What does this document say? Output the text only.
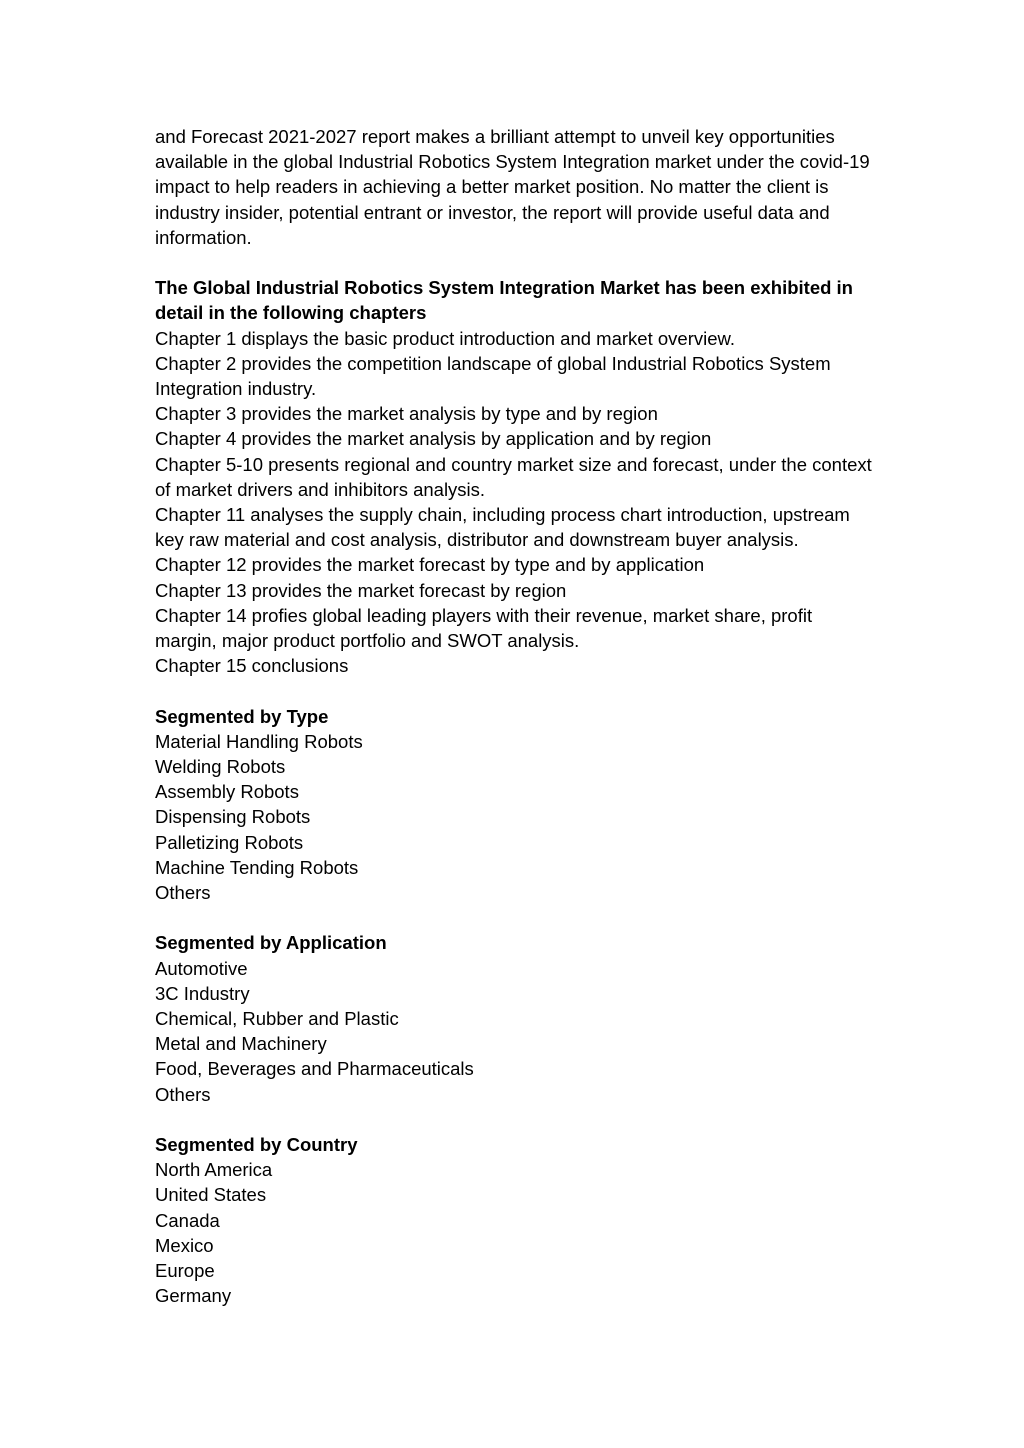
and Forecast 2021-2027 report makes a brilliant attempt to unveil key opportunities available in the global Industrial Robotics System Integration market under the covid-19 impact to help readers in achieving a better market position. No matter the client is industry insider, potential entrant or investor, the report will provide useful data and information.

The Global Industrial Robotics System Integration Market has been exhibited in detail in the following chapters

Chapter 1 displays the basic product introduction and market overview.
Chapter 2 provides the competition landscape of global Industrial Robotics System Integration industry.
Chapter 3 provides the market analysis by type and by region
Chapter 4 provides the market analysis by application and by region
Chapter 5-10 presents regional and country market size and forecast, under the context of market drivers and inhibitors analysis.
Chapter 11 analyses the supply chain, including process chart introduction, upstream key raw material and cost analysis, distributor and downstream buyer analysis.
Chapter 12 provides the market forecast by type and by application
Chapter 13 provides the market forecast by region
Chapter 14 profies global leading players with their revenue, market share, profit margin, major product portfolio and SWOT analysis.
Chapter 15 conclusions

Segmented by Type

Material Handling Robots
Welding Robots
Assembly Robots
Dispensing Robots
Palletizing Robots
Machine Tending Robots
Others

Segmented by Application

Automotive
3C Industry
Chemical, Rubber and Plastic
Metal and Machinery
Food, Beverages and Pharmaceuticals
Others

Segmented by Country

North America
United States
Canada
Mexico
Europe
Germany
